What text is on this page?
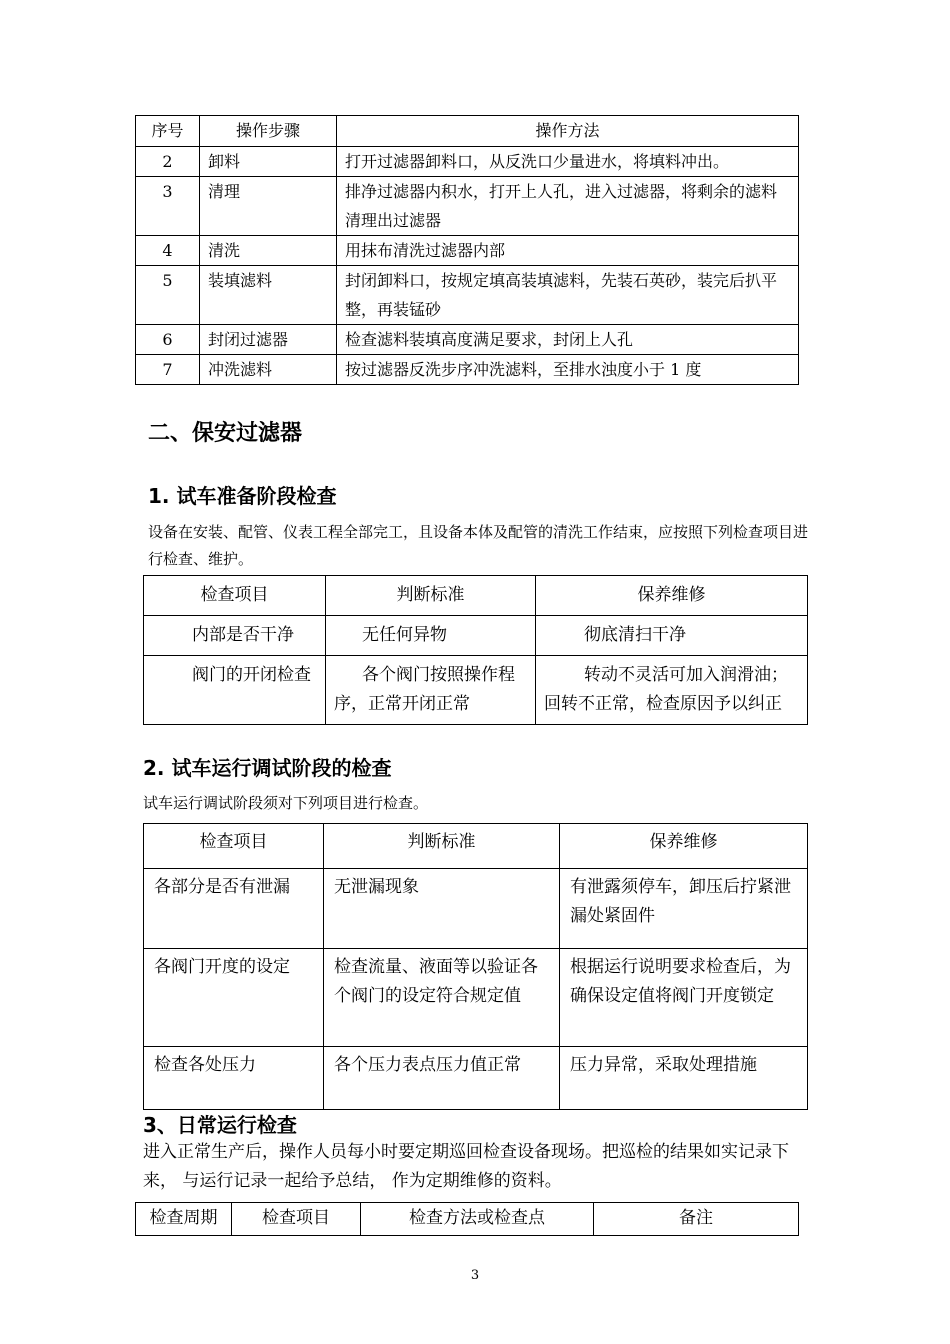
序号	操作步骤	操作方法
2	卸料	打开过滤器卸料口，从反洗口少量进水，将填料冲出。
3	清理	排净过滤器内积水，打开上人孔，进入过滤器，将剩余的滤料清理出过滤器
4	清洗	用抹布清洗过滤器内部
5	装填滤料	封闭卸料口，按规定填高装填滤料，先装石英砂，装完后扒平整，再装锰砂
6	封闭过滤器	检查滤料装填高度满足要求，封闭上人孔
7	冲洗滤料	按过滤器反洗步序冲洗滤料，至排水浊度小于 1 度
二、保安过滤器
1. 试车准备阶段检查
设备在安装、配管、仪表工程全部完工，且设备本体及配管的清洗工作结束，应按照下列检查项目进行检查、维护。
检查项目	判断标准	保养维修
内部是否干净	无任何异物	彻底清扫干净
阀门的开闭检查	各个阀门按照操作程序，正常开闭正常	转动不灵活可加入润滑油；回转不正常，检查原因予以纠正
2. 试车运行调试阶段的检查
试车运行调试阶段须对下列项目进行检查。
检查项目	判断标准	保养维修
各部分是否有泄漏	无泄漏现象	有泄露须停车，卸压后拧紧泄漏处紧固件
各阀门开度的设定	检查流量、液面等以验证各个阀门的设定符合规定值	根据运行说明要求检查后，为确保设定值将阀门开度锁定
检查各处压力	各个压力表点压力值正常	压力异常，采取处理措施
3、日常运行检查
进入正常生产后，操作人员每小时要定期巡回检查设备现场。把巡检的结果如实记录下来， 与运行记录一起给予总结， 作为定期维修的资料。
检查周期	检查项目	检查方法或检查点	备注
3
